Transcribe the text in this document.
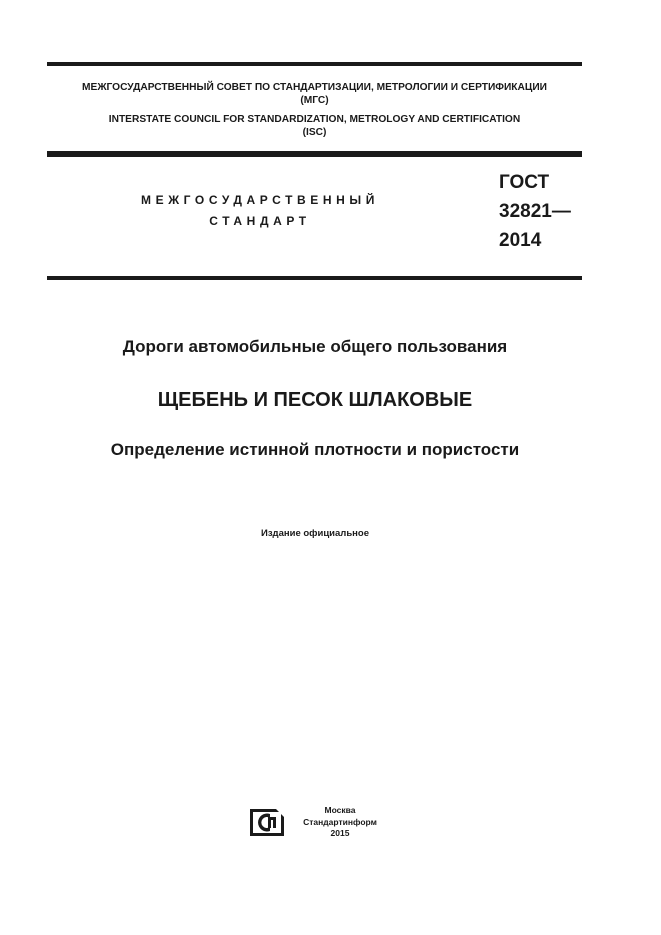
МЕЖГОСУДАРСТВЕННЫЙ СОВЕТ ПО СТАНДАРТИЗАЦИИ, МЕТРОЛОГИИ И СЕРТИФИКАЦИИ
(МГС)
INTERSTATE COUNCIL FOR STANDARDIZATION, METROLOGY AND CERTIFICATION
(ISC)
МЕЖГОСУДАРСТВЕННЫЙ
СТАНДАРТ
ГОСТ
32821—
2014
Дороги автомобильные общего пользования
ЩЕБЕНЬ И ПЕСОК ШЛАКОВЫЕ
Определение истинной плотности и пористости
Издание официальное
Москва
Стандартинформ
2015
